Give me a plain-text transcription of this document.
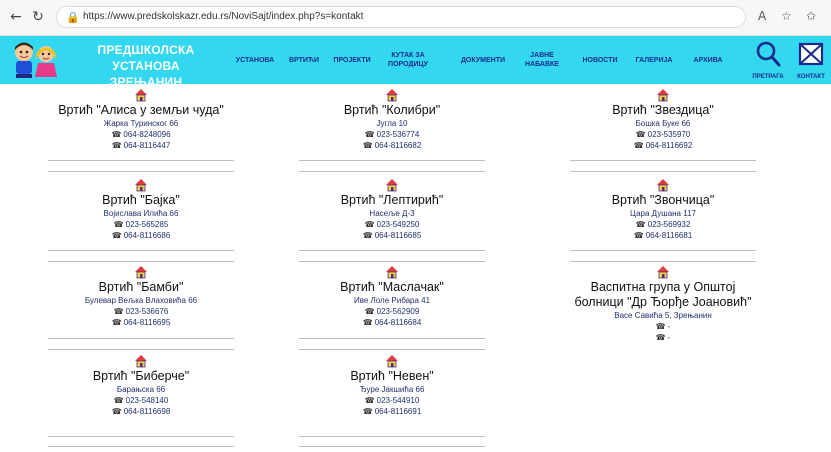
← ↻ 🔒 https://www.predskolskazr.edu.rs/NoviSajt/index.php?s=kontakt	A ☆ ✩
ПРЕДШКОЛСКА УСТАНОВА
ЗРЕЊАНИН
УСТАНОВА ВРТИЋИ ПРОЈЕКТИ
КУТАК ЗА
ПОРОДИЦУ
ДОКУМЕНТИ
ЈАВНЕ
НАБАВКЕ
НОВОСТИ	ГАЛЕРИЈА	АРХИВА
ПРЕТРАГА	КОНТАКТ
Вртић "Алиса у земљи чуда"
Жарка Туринског 66
☎ 064-8248096
☎ 064-8116447
Вртић "Колибри"
Југла 10
☎ 023-536774
☎ 064-8116682
Вртић "Звездица"
Бошка Буке 66
☎ 023-535970
☎ 064-8116692
Вртић "Бајка"
Војислава Илића 66
☎ 023-565285
☎ 064-8116686
Вртић "Лептирић"
Насеље Д-3
☎ 023-549250
☎ 064-8116685
Вртић "Звончица"
Цара Душана 117
☎ 023-569932
☎ 064-8116681
Вртић "Бамби"
Булевар Вељка Влаховића 66
☎ 023-536676
☎ 064-8116695
Вртић "Маслачак"
Иве Лоле Рибара 41
☎ 023-562909
☎ 064-8116684
Васпитна група у Општој болници "Др Ђорђе Јоановић"
Васе Савића 5, Зрењанин
☎ -
☎ -
Вртић "Биберче"
Барањска 66
☎ 023-548140
☎ 064-8116698
Вртић "Невен"
Ђуре Јакшића 66
☎ 023-544910
☎ 064-8116691
